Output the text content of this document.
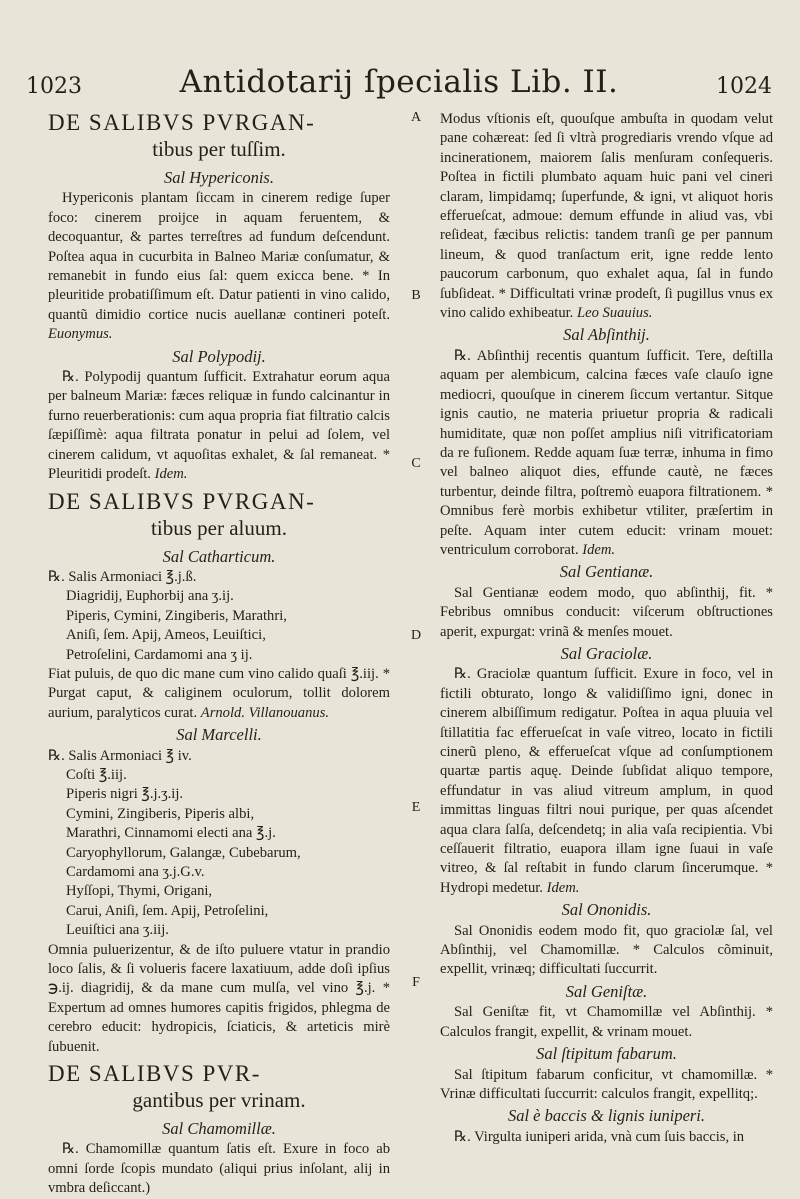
1023	Antidotarij ſpecialis Lib. II.	1024
A
B
C
D
E
F
DE SALIBVS PVRGAN-
tibus per tuſſim.
Sal Hypericonis.

Hypericonis plantam ſiccam in cinerem redige ſuper foco: cinerem proijce in aquam feruentem, & decoquantur, & partes terreſtres ad fundum deſcendunt. Poſtea aqua in cucurbita in Balneo Mariæ conſumatur, & remanebit in fundo eius ſal: quem exicca bene. * In pleuritide probatiſſimum eſt. Datur patienti in vino calido, quantũ dimidio cortice nucis auellanæ contineri poteſt. Euonymus.

Sal Polypodij.

℞. Polypodij quantum ſufficit. Extrahatur eorum aqua per balneum Mariæ: fæces reliquæ in fundo calcinantur in furno reuerberationis: cum aqua propria fiat filtratio calcis ſæpiſſimè: aqua filtrata ponatur in pelui ad ſolem, vel cinerem calidum, vt aquoſitas exhalet, & ſal remaneat. * Pleuritidi prodeſt. Idem.

DE SALIBVS PVRGAN-
tibus per aluum.
Sal Catharticum.
℞. Salis Armoniaci ℥.j.ß.
Diagridij, Euphorbij ana ʒ.ij.
Piperis, Cymini, Zingiberis, Marathri,
Aniſi, ſem. Apij, Ameos, Leuiſtici,
Petroſelini, Cardamomi ana ʒ ij.

Fiat puluis, de quo dic mane cum vino calido quaſi ℥.iij. * Purgat caput, & caliginem oculorum, tollit dolorem aurium, paralyticos curat. Arnold. Villanouanus.

Sal Marcelli.
℞. Salis Armoniaci ℥ iv.
Coſti ℥.iij.
Piperis nigri ℥.j.ʒ.ij.
Cymini, Zingiberis, Piperis albi,
Marathri, Cinnamomi electi ana ℥.j.
Caryophyllorum, Galangæ, Cubebarum,
Cardamomi ana ʒ.j.G.v.
Hyſſopi, Thymi, Origani,
Carui, Aniſi, ſem. Apij, Petroſelini,
Leuiſtici ana ʒ.iij.

Omnia puluerizentur, & de iſto puluere vtatur in prandio loco ſalis, & ſi volueris facere laxatiuum, adde doſi ipſius ℈.ij. diagridij, & da mane cum mulſa, vel vino ℥.j. * Expertum ad omnes humores capitis frigidos, phlegma de cerebro educit: hydropicis, ſciaticis, & arteticis mirè ſubuenit.

DE SALIBVS PVR-
gantibus per vrinam.
Sal Chamomillæ.

℞. Chamomillæ quantum ſatis eſt. Exure in foco ab omni ſorde ſcopis mundato (aliqui prius inſolant, alij in vmbra deſiccant.)

Modus vſtionis eſt, quouſque ambuſta in quodam velut pane cohæreat: ſed ſi vltrà progrediaris vrendo vſque ad incinerationem, maiorem ſalis menſuram conſequeris. Poſtea in fictili plumbato aquam huic pani vel cineri claram, limpidamq; ſuperfunde, & igni, vt aliquot horis efferueſcat, admoue: demum effunde in aliud vas, vbi reſideat, fæcibus relictis: tandem tranſi ge per pannum lineum, & quod tranſactum erit, igne redde lento paucorum carbonum, quo exhalet aqua, ſal in fundo ſubſideat. * Difficultati vrinæ prodeſt, ſi pugillus vnus ex vino calido exhibeatur. Leo Suauius.

Sal Abſinthij.

℞. Abſinthij recentis quantum ſufficit. Tere, deſtilla aquam per alembicum, calcina fæces vaſe clauſo igne mediocri, quouſque in cinerem ſiccum vertantur. Sitque ignis cautio, ne materia priuetur propria & radicali humiditate, quæ non poſſet amplius niſi vitrificatoriam da re fuſionem. Redde aquam ſuæ terræ, inhuma in fimo vel balneo aliquot dies, effunde cautè, ne fæces turbentur, deinde filtra, poſtremò euapora filtrationem. * Omnibus ferè morbis exhibetur vtiliter, præſertim in peſte. Aquam inter cutem educit: vrinam mouet: ventriculum corroborat. Idem.

Sal Gentianæ.

Sal Gentianæ eodem modo, quo abſinthij, fit. * Febribus omnibus conducit: viſcerum obſtructiones aperit, expurgat: vrinã & menſes mouet.

Sal Graciolæ.

℞. Graciolæ quantum ſufficit. Exure in foco, vel in fictili obturato, longo & validiſſimo igni, donec in cinerem albiſſimum redigatur. Poſtea in aqua pluuia vel ſtillatitia fac efferueſcat in vaſe vitreo, locato in fictili cinerũ pleno, & efferueſcat vſque ad conſumptionem quartæ partis aquę. Deinde ſubſidat aliquo tempore, effundatur in vas aliud vitreum amplum, in quod immittas linguas filtri noui purique, per quas aſcendet aqua clara ſalſa, deſcendetq; in alia vaſa recipientia. Vbi ceſſauerit filtratio, euapora illam igne ſuaui in vaſe vitreo, & ſal reſtabit in fundo clarum ſincerumque. * Hydropi medetur. Idem.

Sal Ononidis.

Sal Ononidis eodem modo fit, quo graciolæ ſal, vel Abſinthij, vel Chamomillæ. * Calculos cõminuit, expellit, vrinæq; difficultati ſuccurrit.

Sal Geniſtæ.

Sal Geniſtæ fit, vt Chamomillæ vel Abſinthij. * Calculos frangit, expellit, & vrinam mouet.

Sal ſtipitum fabarum.

Sal ſtipitum fabarum conficitur, vt chamomillæ. * Vrinæ difficultati ſuccurrit: calculos frangit, expellitq;.

Sal è baccis & lignis iuniperi.

℞. Virgulta iuniperi arida, vnà cum ſuis baccis, in
